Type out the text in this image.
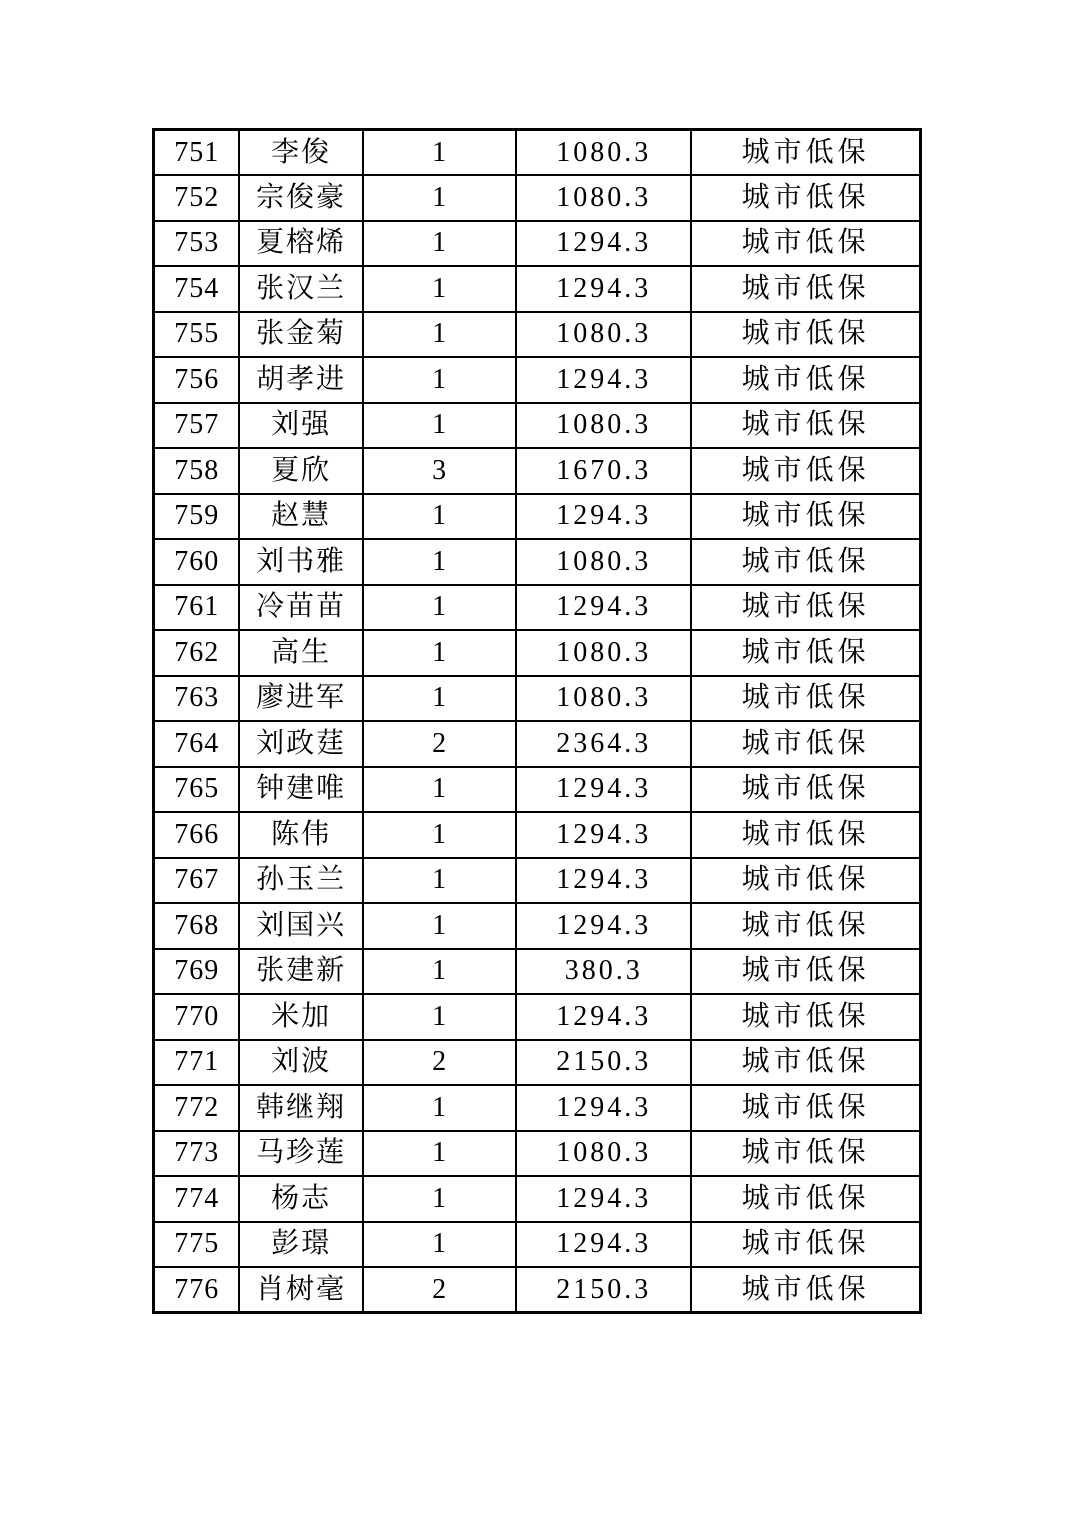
751	李俊	1	1080.3	城市低保
752	宗俊豪	1	1080.3	城市低保
753	夏榕烯	1	1294.3	城市低保
754	张汉兰	1	1294.3	城市低保
755	张金菊	1	1080.3	城市低保
756	胡孝进	1	1294.3	城市低保
757	刘强	1	1080.3	城市低保
758	夏欣	3	1670.3	城市低保
759	赵慧	1	1294.3	城市低保
760	刘书雅	1	1080.3	城市低保
761	冷苗苗	1	1294.3	城市低保
762	高生	1	1080.3	城市低保
763	廖进军	1	1080.3	城市低保
764	刘政莛	2	2364.3	城市低保
765	钟建唯	1	1294.3	城市低保
766	陈伟	1	1294.3	城市低保
767	孙玉兰	1	1294.3	城市低保
768	刘国兴	1	1294.3	城市低保
769	张建新	1	380.3	城市低保
770	米加	1	1294.3	城市低保
771	刘波	2	2150.3	城市低保
772	韩继翔	1	1294.3	城市低保
773	马珍莲	1	1080.3	城市低保
774	杨志	1	1294.3	城市低保
775	彭璟	1	1294.3	城市低保
776	肖树毫	2	2150.3	城市低保
